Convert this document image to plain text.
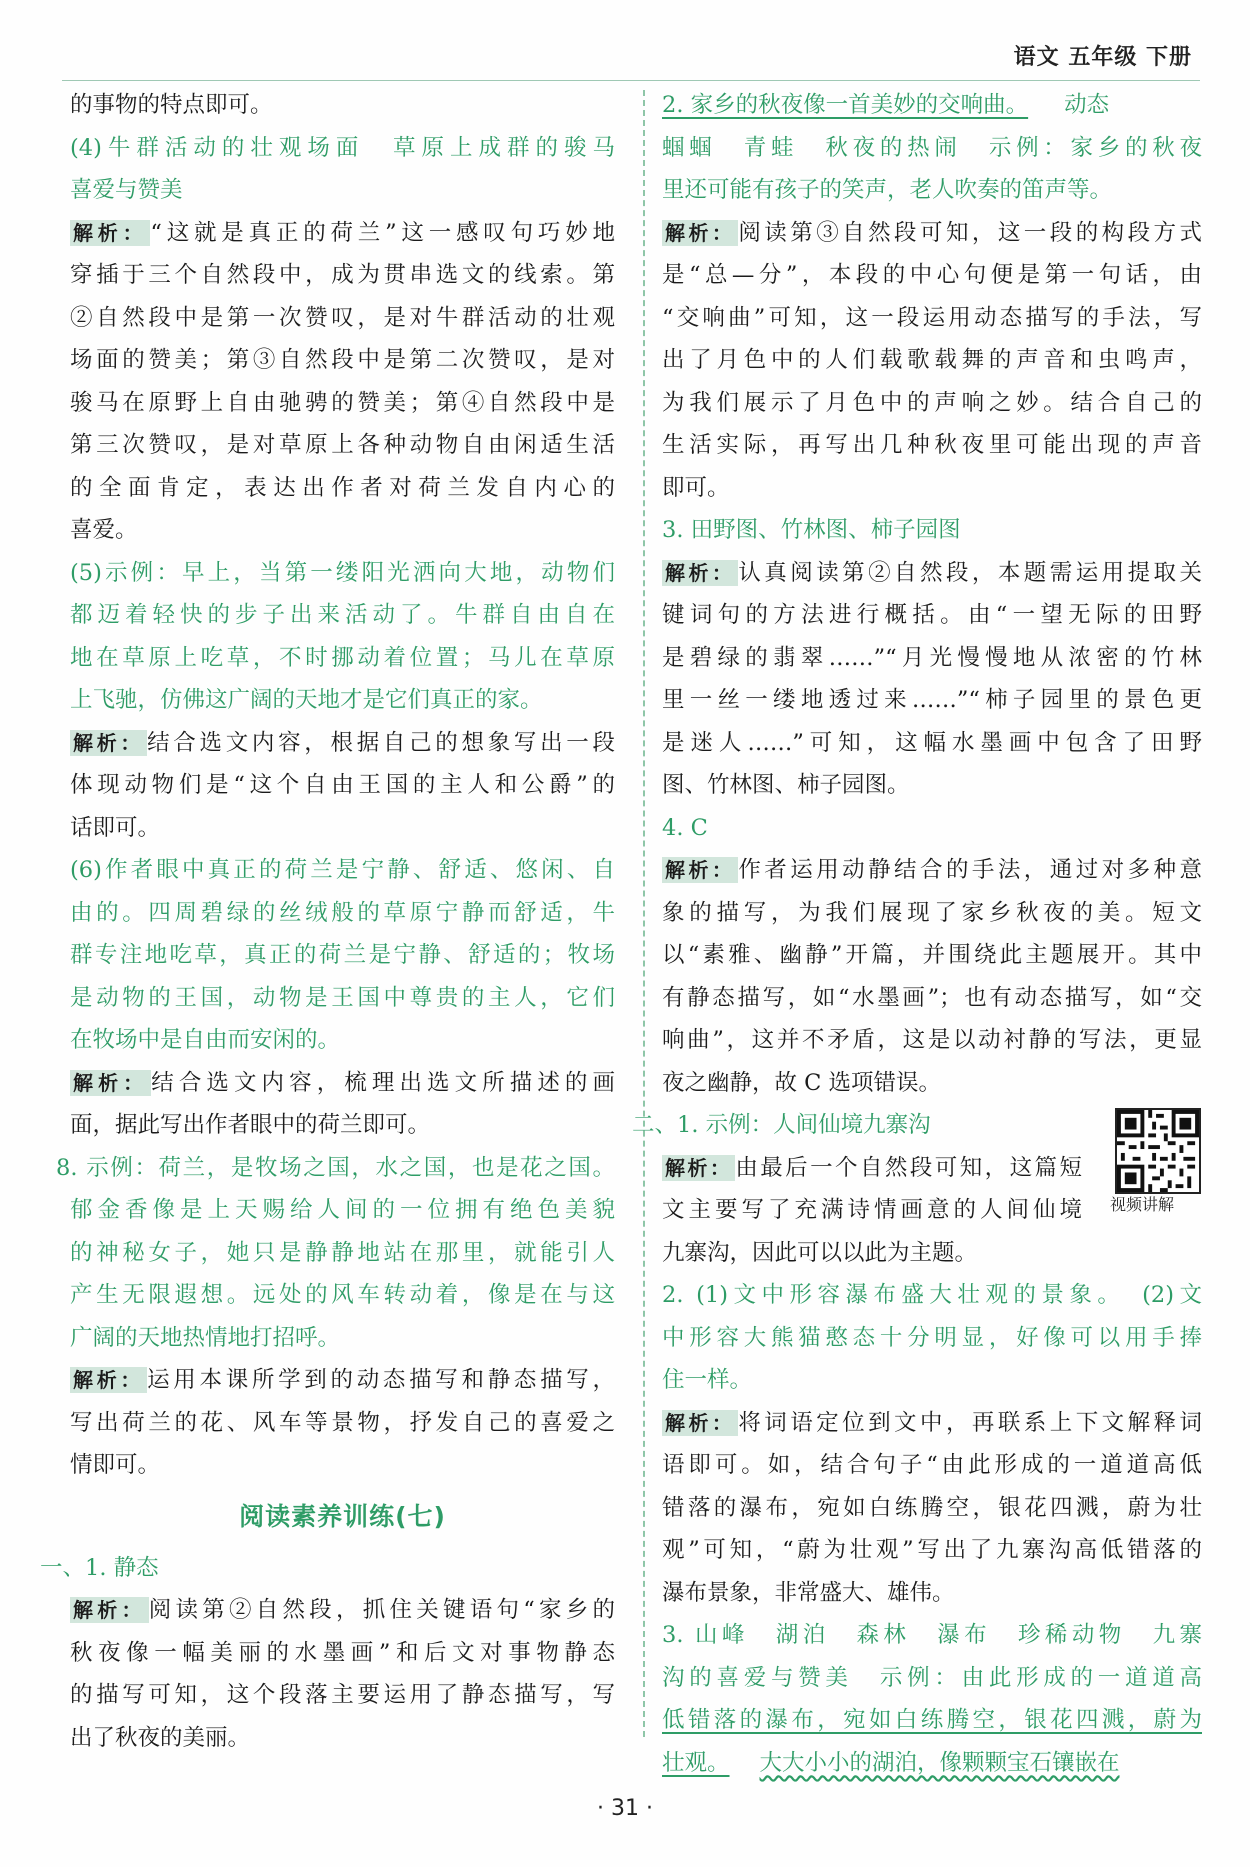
语文 五年级 下册
的事物的特点即可。
(4)牛群活动的壮观场面　草原上成群的骏马
喜爱与赞美
解析： “这就是真正的荷兰”这一感叹句巧妙地
穿插于三个自然段中，成为贯串选文的线索。第
②自然段中是第一次赞叹，是对牛群活动的壮观
场面的赞美；第③自然段中是第二次赞叹，是对
骏马在原野上自由驰骋的赞美；第④自然段中是
第三次赞叹，是对草原上各种动物自由闲适生活
的全面肯定，表达出作者对荷兰发自内心的
喜爱。
(5)示例：早上，当第一缕阳光洒向大地，动物们
都迈着轻快的步子出来活动了。牛群自由自在
地在草原上吃草，不时挪动着位置；马儿在草原
上飞驰，仿佛这广阔的天地才是它们真正的家。
解析： 结合选文内容，根据自己的想象写出一段
体现动物们是“这个自由王国的主人和公爵”的
话即可。
(6)作者眼中真正的荷兰是宁静、舒适、悠闲、自
由的。四周碧绿的丝绒般的草原宁静而舒适，牛
群专注地吃草，真正的荷兰是宁静、舒适的；牧场
是动物的王国，动物是王国中尊贵的主人，它们
在牧场中是自由而安闲的。
解析： 结合选文内容，梳理出选文所描述的画
面，据此写出作者眼中的荷兰即可。
8. 示例：荷兰，是牧场之国，水之国，也是花之国。
郁金香像是上天赐给人间的一位拥有绝色美貌
的神秘女子，她只是静静地站在那里，就能引人
产生无限遐想。远处的风车转动着，像是在与这
广阔的天地热情地打招呼。
解析： 运用本课所学到的动态描写和静态描写，
写出荷兰的花、风车等景物，抒发自己的喜爱之
情即可。
阅读素养训练(七)
一、1. 静态
解析： 阅读第②自然段，抓住关键语句“家乡的
秋夜像一幅美丽的水墨画”和后文对事物静态
的描写可知，这个段落主要运用了静态描写，写
出了秋夜的美丽。
2. 家乡的秋夜像一首美妙的交响曲。 动态
蝈蝈　青蛙　秋夜的热闹　示例：家乡的秋夜
里还可能有孩子的笑声，老人吹奏的笛声等。
解析： 阅读第③自然段可知，这一段的构段方式
是“总—分”，本段的中心句便是第一句话，由
“交响曲”可知，这一段运用动态描写的手法，写
出了月色中的人们载歌载舞的声音和虫鸣声，
为我们展示了月色中的声响之妙。结合自己的
生活实际，再写出几种秋夜里可能出现的声音
即可。
3. 田野图、竹林图、柿子园图
解析： 认真阅读第②自然段，本题需运用提取关
键词句的方法进行概括。由“一望无际的田野
是碧绿的翡翠……”“月光慢慢地从浓密的竹林
里一丝一缕地透过来……”“柿子园里的景色更
是迷人……”可知，这幅水墨画中包含了田野
图、竹林图、柿子园图。
4. C
解析： 作者运用动静结合的手法，通过对多种意
象的描写，为我们展现了家乡秋夜的美。短文
以“素雅、幽静”开篇，并围绕此主题展开。其中
有静态描写，如“水墨画”；也有动态描写，如“交
响曲”，这并不矛盾，这是以动衬静的写法，更显
夜之幽静，故 C 选项错误。
二、1. 示例：人间仙境九寨沟
解析： 由最后一个自然段可知，这篇短
文主要写了充满诗情画意的人间仙境
九寨沟，因此可以以此为主题。
2. (1)文中形容瀑布盛大壮观的景象。　(2)文
中形容大熊猫憨态十分明显，好像可以用手捧
住一样。
解析： 将词语定位到文中，再联系上下文解释词
语即可。如，结合句子“由此形成的一道道高低
错落的瀑布，宛如白练腾空，银花四溅，蔚为壮
观”可知，“蔚为壮观”写出了九寨沟高低错落的
瀑布景象，非常盛大、雄伟。
3. 山峰　湖泊　森林　瀑布　珍稀动物　九寨
沟的喜爱与赞美　示例：由此形成的一道道高
低错落的瀑布，宛如白练腾空，银花四溅，蔚为
壮观。 大大小小的湖泊，像颗颗宝石镶嵌在
视频讲解
· 31 ·
